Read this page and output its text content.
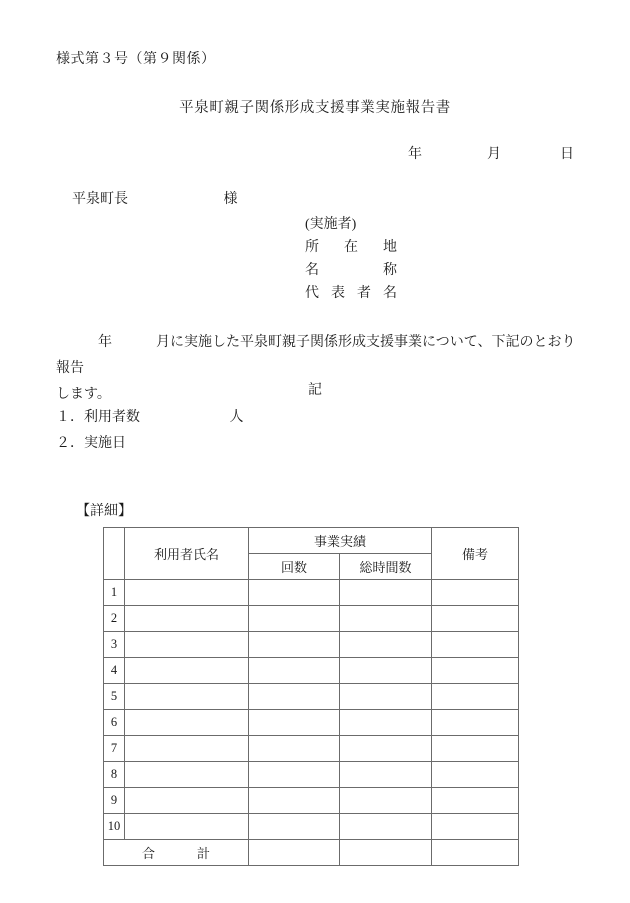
様式第３号（第９関係）
平泉町親子関係形成支援事業実施報告書
年	月	日
平泉町長	様
(実施者)
所在地
名称
代表者名
年	月に実施した平泉町親子関係形成支援事業について、下記のとおり報告
します。	記
１．利用者数	人
２．実施日
【詳細】
	利用者氏名	事業実績		備考
		回数	総時間数	
1				
2				
3				
4				
5				
6				
7				
8				
9				
10				
合計				
